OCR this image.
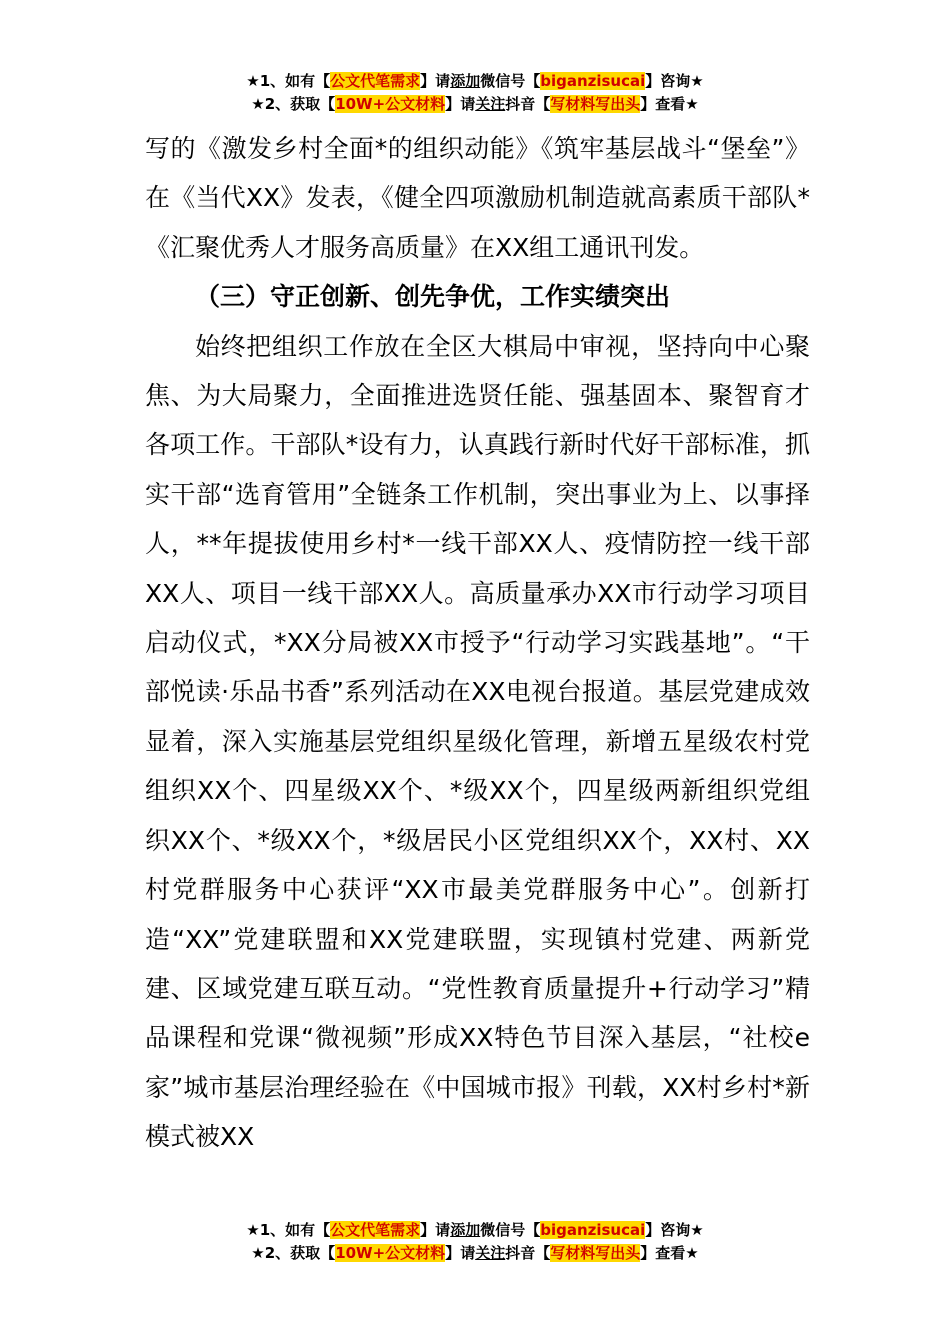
★1、如有【公文代笔需求】请添加微信号【biganzisucai】咨询★
★2、获取【10W+公文材料】请关注抖音【写材料写出头】查看★

写的《激发乡村全面*的组织动能》《筑牢基层战斗“堡垒”》在《当代XX》发表，《健全四项激励机制造就高素质干部队*《汇聚优秀人才服务高质量》在XX组工通讯刊发。

（三）守正创新、创先争优，工作实绩突出

始终把组织工作放在全区大棋局中审视，坚持向中心聚焦、为大局聚力，全面推进选贤任能、强基固本、聚智育才各项工作。干部队*设有力，认真践行新时代好干部标准，抓实干部“选育管用”全链条工作机制，突出事业为上、以事择人，**年提拔使用乡村*一线干部XX人、疫情防控一线干部XX人、项目一线干部XX人。高质量承办XX市行动学习项目启动仪式，*XX分局被XX市授予“行动学习实践基地”。“干部悦读·乐品书香”系列活动在XX电视台报道。基层党建成效显着，深入实施基层党组织星级化管理，新增五星级农村党组织XX个、四星级XX个、*级XX个，四星级两新组织党组织XX个、*级XX个，*级居民小区党组织XX个，XX村、XX村党群服务中心获评“XX市最美党群服务中心”。创新打造“XX”党建联盟和XX党建联盟，实现镇村党建、两新党建、区域党建互联互动。“党性教育质量提升+行动学习”精品课程和党课“微视频”形成XX特色节目深入基层，“社校e家”城市基层治理经验在《中国城市报》刊载，XX村乡村*新模式被XX

★1、如有【公文代笔需求】请添加微信号【biganzisucai】咨询★
★2、获取【10W+公文材料】请关注抖音【写材料写出头】查看★
